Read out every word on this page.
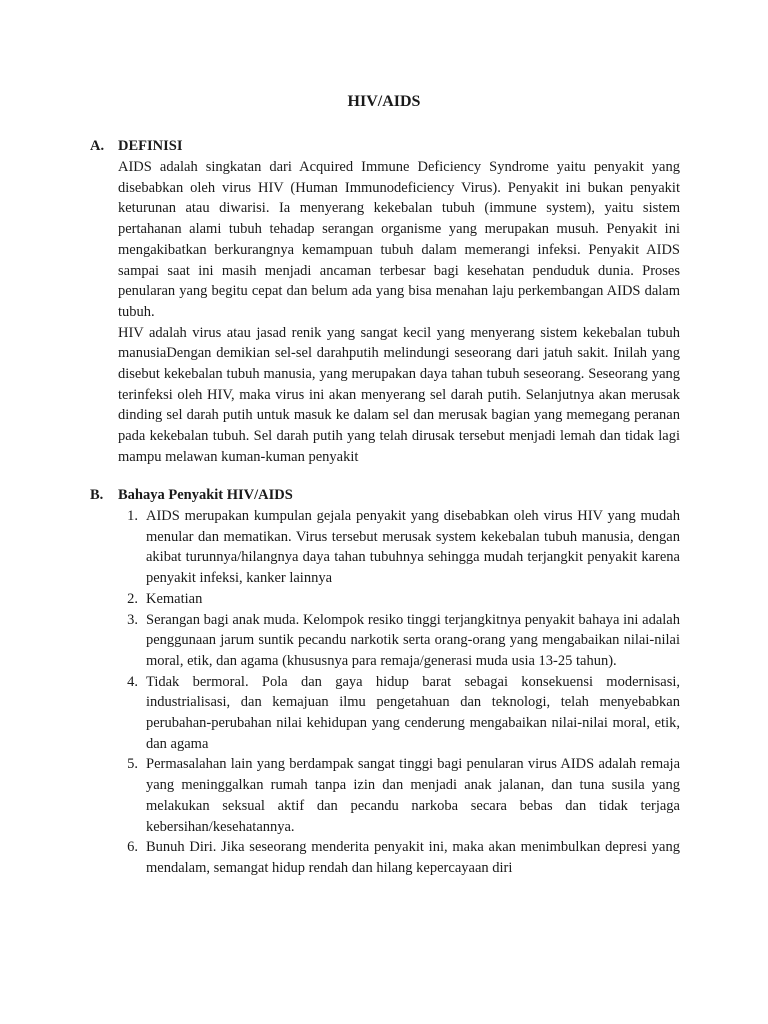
HIV/AIDS
A. DEFINISI

AIDS adalah singkatan dari Acquired Immune Deficiency Syndrome yaitu penyakit yang disebabkan oleh virus HIV (Human Immunodeficiency Virus). Penyakit ini bukan penyakit keturunan atau diwarisi. Ia menyerang kekebalan tubuh (immune system), yaitu sistem pertahanan alami tubuh tehadap serangan organisme yang merupakan musuh. Penyakit ini mengakibatkan berkurangnya kemampuan tubuh dalam memerangi infeksi. Penyakit AIDS sampai saat ini masih menjadi ancaman terbesar bagi kesehatan penduduk dunia. Proses penularan yang begitu cepat dan belum ada yang bisa menahan laju perkembangan AIDS dalam tubuh.

HIV adalah virus atau jasad renik yang sangat kecil yang menyerang sistem kekebalan tubuh manusiaDengan demikian sel-sel darahputih melindungi seseorang dari jatuh sakit. Inilah yang disebut kekebalan tubuh manusia, yang merupakan daya tahan tubuh seseorang. Seseorang yang terinfeksi oleh HIV, maka virus ini akan menyerang sel darah putih. Selanjutnya akan merusak dinding sel darah putih untuk masuk ke dalam sel dan merusak bagian yang memegang peranan pada kekebalan tubuh. Sel darah putih yang telah dirusak tersebut menjadi lemah dan tidak lagi mampu melawan kuman-kuman penyakit

B.	Bahaya Penyakit HIV/AIDS
1. AIDS merupakan kumpulan gejala penyakit yang disebabkan oleh virus HIV yang mudah menular dan mematikan. Virus tersebut merusak system kekebalan tubuh manusia, dengan akibat turunnya/hilangnya daya tahan tubuhnya sehingga mudah terjangkit penyakit karena penyakit infeksi, kanker lainnya
2. Kematian
3. Serangan bagi anak muda. Kelompok resiko tinggi terjangkitnya penyakit bahaya ini adalah penggunaan jarum suntik pecandu narkotik serta orang-orang yang mengabaikan nilai-nilai moral, etik, dan agama (khususnya para remaja/generasi muda usia 13-25 tahun).
4. Tidak bermoral. Pola dan gaya hidup barat sebagai konsekuensi modernisasi, industrialisasi, dan kemajuan ilmu pengetahuan dan teknologi, telah menyebabkan perubahan-perubahan nilai kehidupan yang cenderung mengabaikan nilai-nilai moral, etik, dan agama
5. Permasalahan lain yang berdampak sangat tinggi bagi penularan virus AIDS adalah remaja yang meninggalkan rumah tanpa izin dan menjadi anak jalanan, dan tuna susila yang melakukan seksual aktif dan pecandu narkoba secara bebas dan tidak terjaga kebersihan/kesehatannya.
6. Bunuh Diri. Jika seseorang menderita penyakit ini, maka akan menimbulkan depresi yang mendalam, semangat hidup rendah dan hilang kepercayaan diri
